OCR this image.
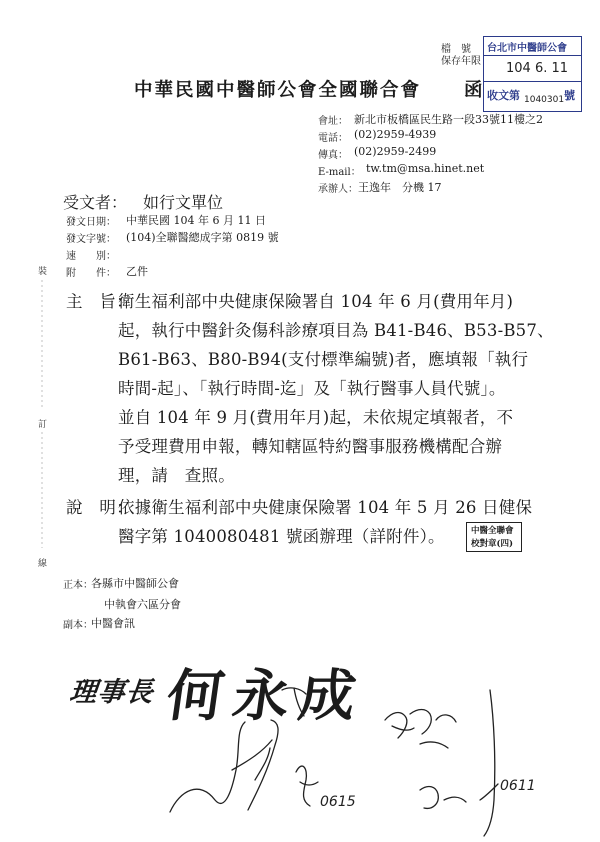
檔　號
保存年限
台北市中醫師公會
104 6. 11
收文第 1040301 號
中華民國中醫師公會全國聯合會 函
會址： 新北市板橋區民生路一段33號11樓之2
電話： (02)2959-4939
傳真： (02)2959-2499
E-mail： tw.tm@msa.hinet.net
承辦人： 王逸年　分機 17
受文者： 如行文單位
發文日期： 中華民國 104 年 6 月 11 日
發文字號： (104)全聯醫總成字第 0819 號
速　　別：
附　　件： 乙件
裝
訂
線
主　旨：
衛生福利部中央健康保險署自 104 年 6 月(費用年月)
起，執行中醫針灸傷科診療項目為 B41-B46、B53-B57、
B61-B63、B80-B94(支付標準編號)者，應填報「執行
時間-起」、「執行時間-迄」及「執行醫事人員代號」。
並自 104 年 9 月(費用年月)起，未依規定填報者，不
予受理費用申報，轉知轄區特約醫事服務機構配合辦
理，請　查照。
說　明：
依據衛生福利部中央健康保險署 104 年 5 月 26 日健保
醫字第 1040080481 號函辦理（詳附件）。	中醫全聯會
校對章(四)
正本：
各縣市中醫師公會
中執會六區分會
副本：
中醫會訊
理事長 何永成
0615
0611
